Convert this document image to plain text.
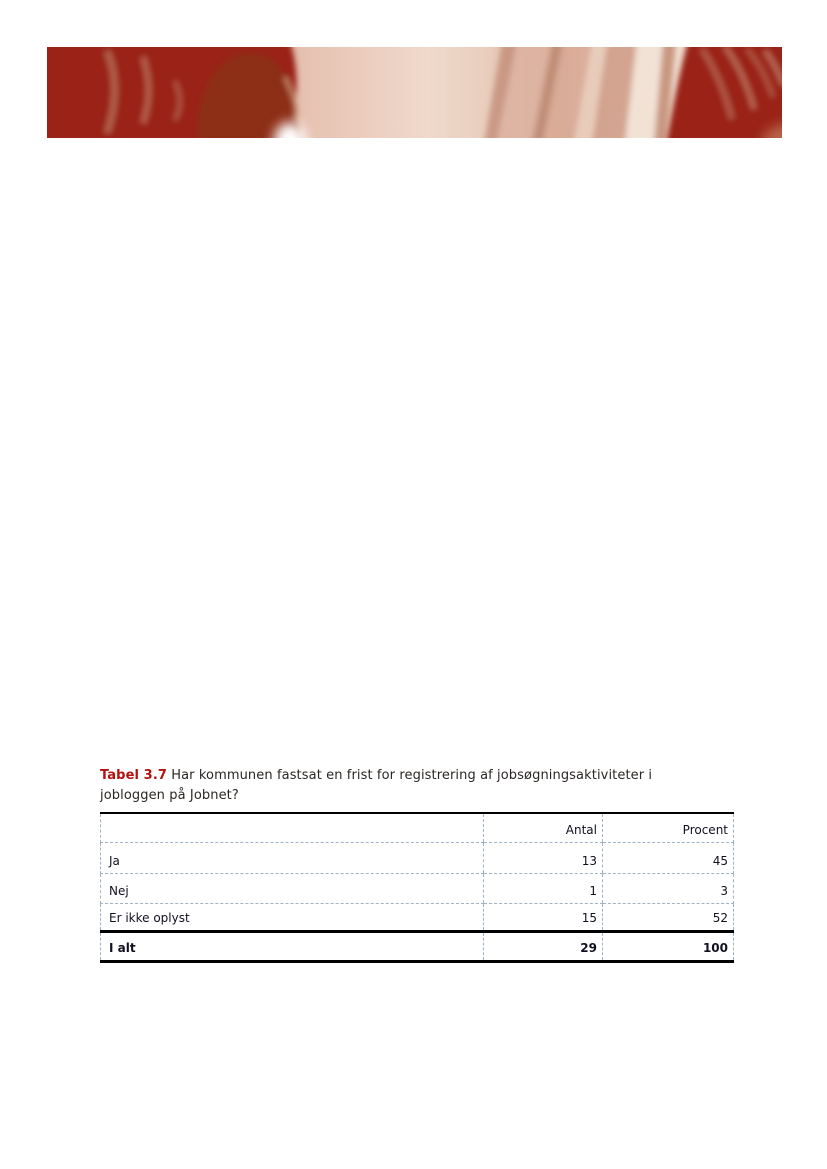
Tabel 3.7 Har kommunen fastsat en frist for registrering af jobsøgningsaktiviteter i
jobloggen på Jobnet?
	Antal	Procent
Ja	13	45
Nej	1	3
Er ikke oplyst	15	52
I alt	29	100
